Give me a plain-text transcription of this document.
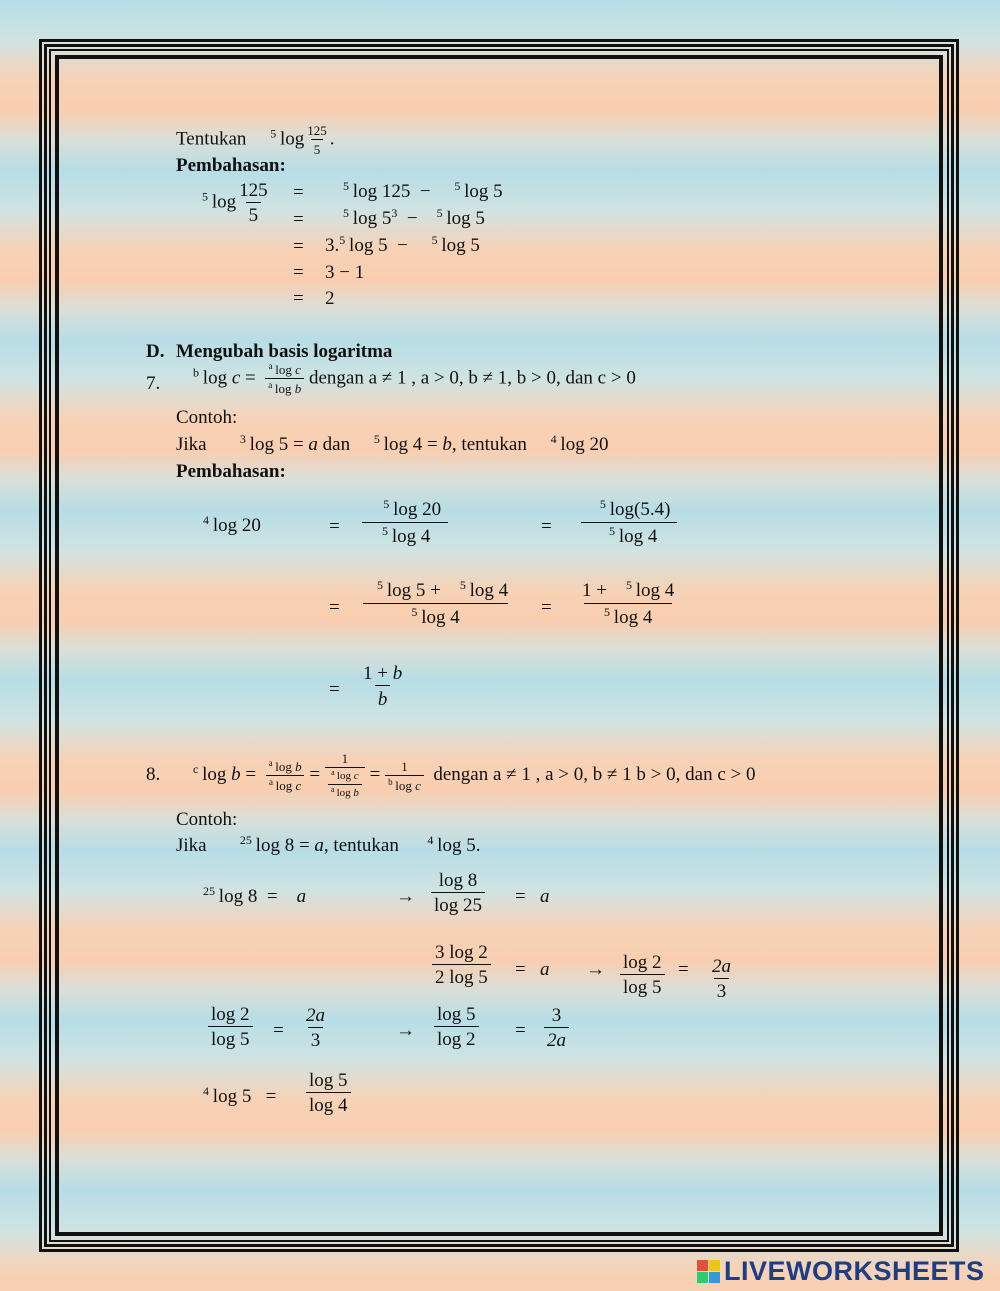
Tentukan $^5$  $\log \frac{125}{5}$ .
Pembahasan:
$^5$  $\log \frac{125}{5}$ =	$^5$ log 125  −     $^5$ log 5
=	$^5$ $\log 5^3$  −    $^5$ log 5
= 3.$^5$ log 5  −     $^5$ log 5
= 3 − 1
= 2
D. Mengubah basis logaritma
7.
$^b$ $\log c = \frac{^a \log c}{^a \log b}$ dengan a ≠ 1 , a > 0, b ≠ 1, b > 0, dan c > 0
Contoh:
Jika	$^3$ log 5 = a dan $^5$ log 4 = b, tentukan $^4$ log 20
Pembahasan:
$^4$  log 20	= $\frac{^5 \log 20}{^5 \log 4}$	= $\frac{^5 \log(5.4)}{^5 \log 4}$
= $\frac{^5 \log 5 + ^5 \log 4}{^5 \log 4} = \frac{1 + ^5 \log 4}{^5 \log 4}$
= $\frac{1 + b}{b}$
8.	$^c$ $\log b = \frac{^a \log b}{^a \log c} = \frac{1}{\frac{^a \log c}{^a \log b}} = \frac{1}{^b \log c}$ dengan a ≠ 1 , a > 0, b ≠ 1 b > 0, dan c > 0
Contoh:
Jika	$^{25}$ log 8 = a, tentukan $^4$ log 5.
$^{25}$ log 8  =    a	→ $\frac{\log 8}{\log 25} = a$
$\frac{3 \log 2}{2 \log 5} = a \to \frac{\log 2}{\log 5} = \frac{2a}{3}$
$\frac{\log 2}{\log 5} = \frac{2a}{3}$	→ $\frac{\log 5}{\log 2} = \frac{3}{2a}$
$^4$ $\log 5 = \frac{\log 5}{\log 4}$
LIVEWORKSHEETS
